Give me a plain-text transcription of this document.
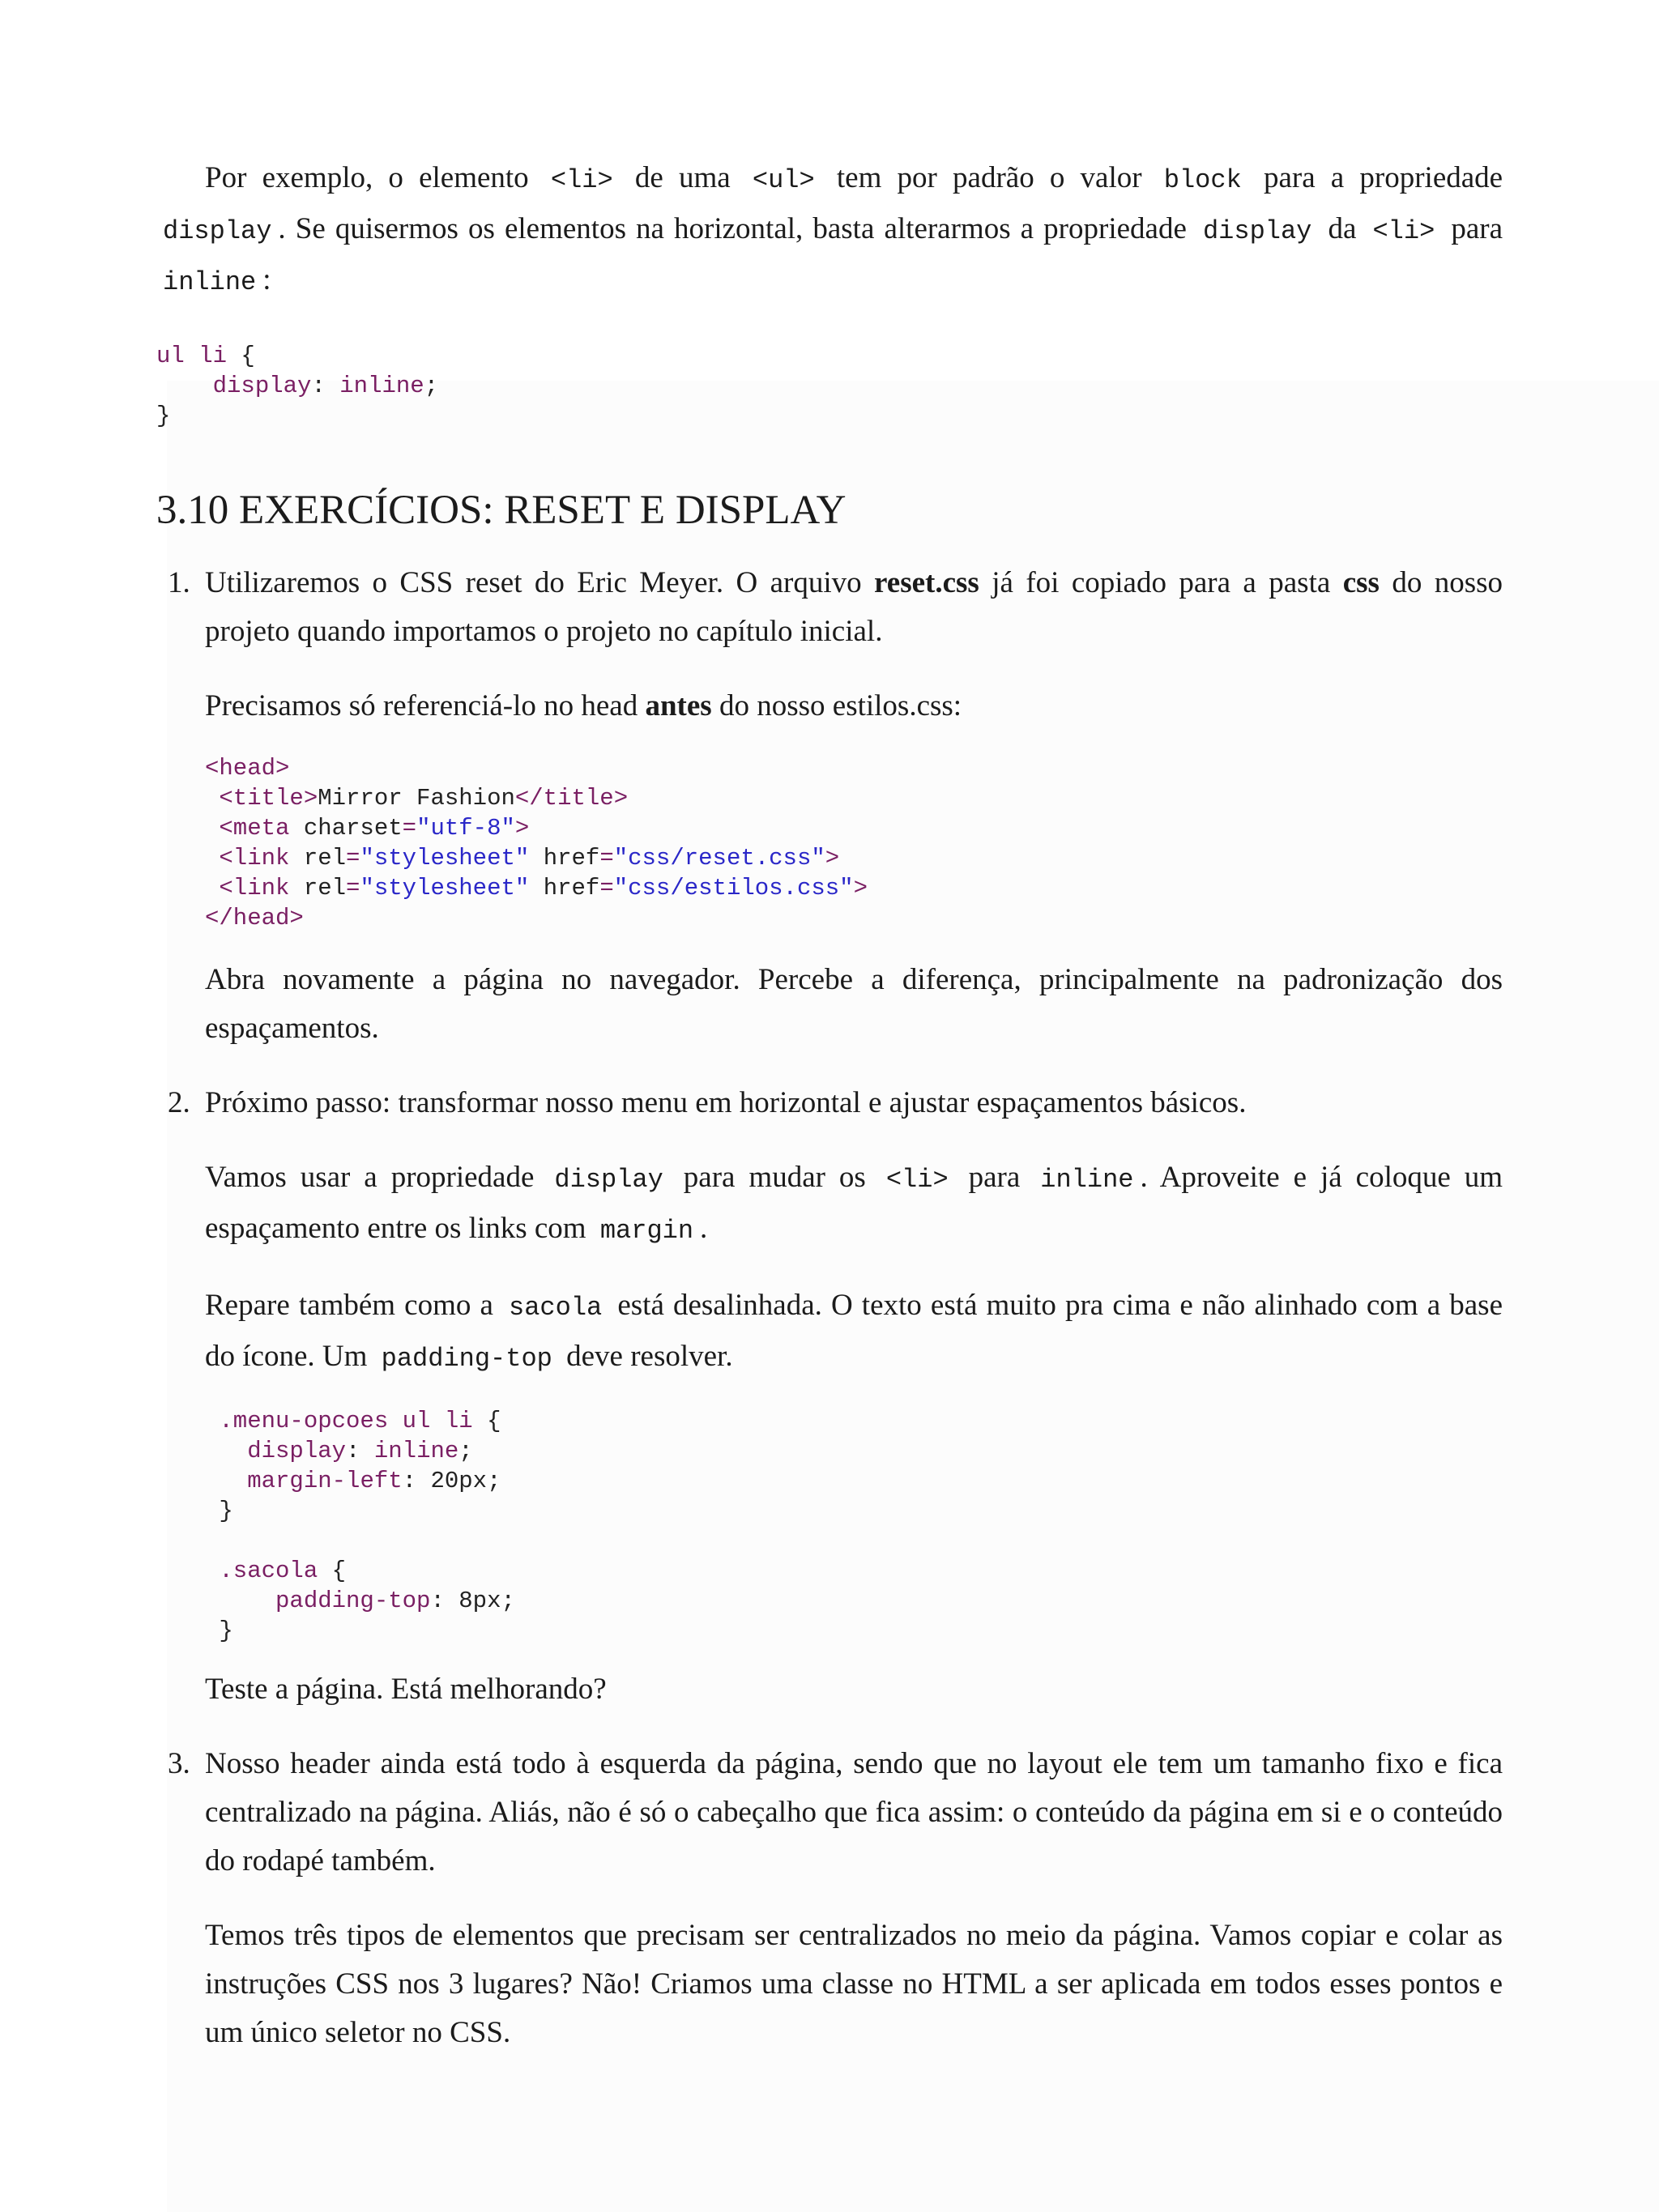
Por exemplo, o elemento <li> de uma <ul> tem por padrão o valor block para a propriedade display . Se quisermos os elementos na horizontal, basta alterarmos a propriedade display da <li> para inline :

ul li {
display: inline;
}
3.10 EXERCÍCIOS: RESET E DISPLAY
1. Utilizaremos o CSS reset do Eric Meyer. O arquivo reset.css já foi copiado para a pasta css do nosso projeto quando importamos o projeto no capítulo inicial.

Precisamos só referenciá-lo no head antes do nosso estilos.css:

<head>
<title>Mirror Fashion</title>
<meta charset="utf-8">
<link rel="stylesheet" href="css/reset.css">
<link rel="stylesheet" href="css/estilos.css">
</head>

Abra novamente a página no navegador. Percebe a diferença, principalmente na padronização dos espaçamentos.

2. Próximo passo: transformar nosso menu em horizontal e ajustar espaçamentos básicos.

Vamos usar a propriedade display para mudar os <li> para inline . Aproveite e já coloque um espaçamento entre os links com margin .

Repare também como a sacola está desalinhada. O texto está muito pra cima e não alinhado com a base do ícone. Um padding-top deve resolver.

.menu-opcoes ul li {
display: inline;
margin-left: 20px;
}

.sacola {
padding-top: 8px;
}

Teste a página. Está melhorando?

3. Nosso header ainda está todo à esquerda da página, sendo que no layout ele tem um tamanho fixo e fica centralizado na página. Aliás, não é só o cabeçalho que fica assim: o conteúdo da página em si e o conteúdo do rodapé também.

Temos três tipos de elementos que precisam ser centralizados no meio da página. Vamos copiar e colar as instruções CSS nos 3 lugares? Não! Criamos uma classe no HTML a ser aplicada em todos esses pontos e um único seletor no CSS.
